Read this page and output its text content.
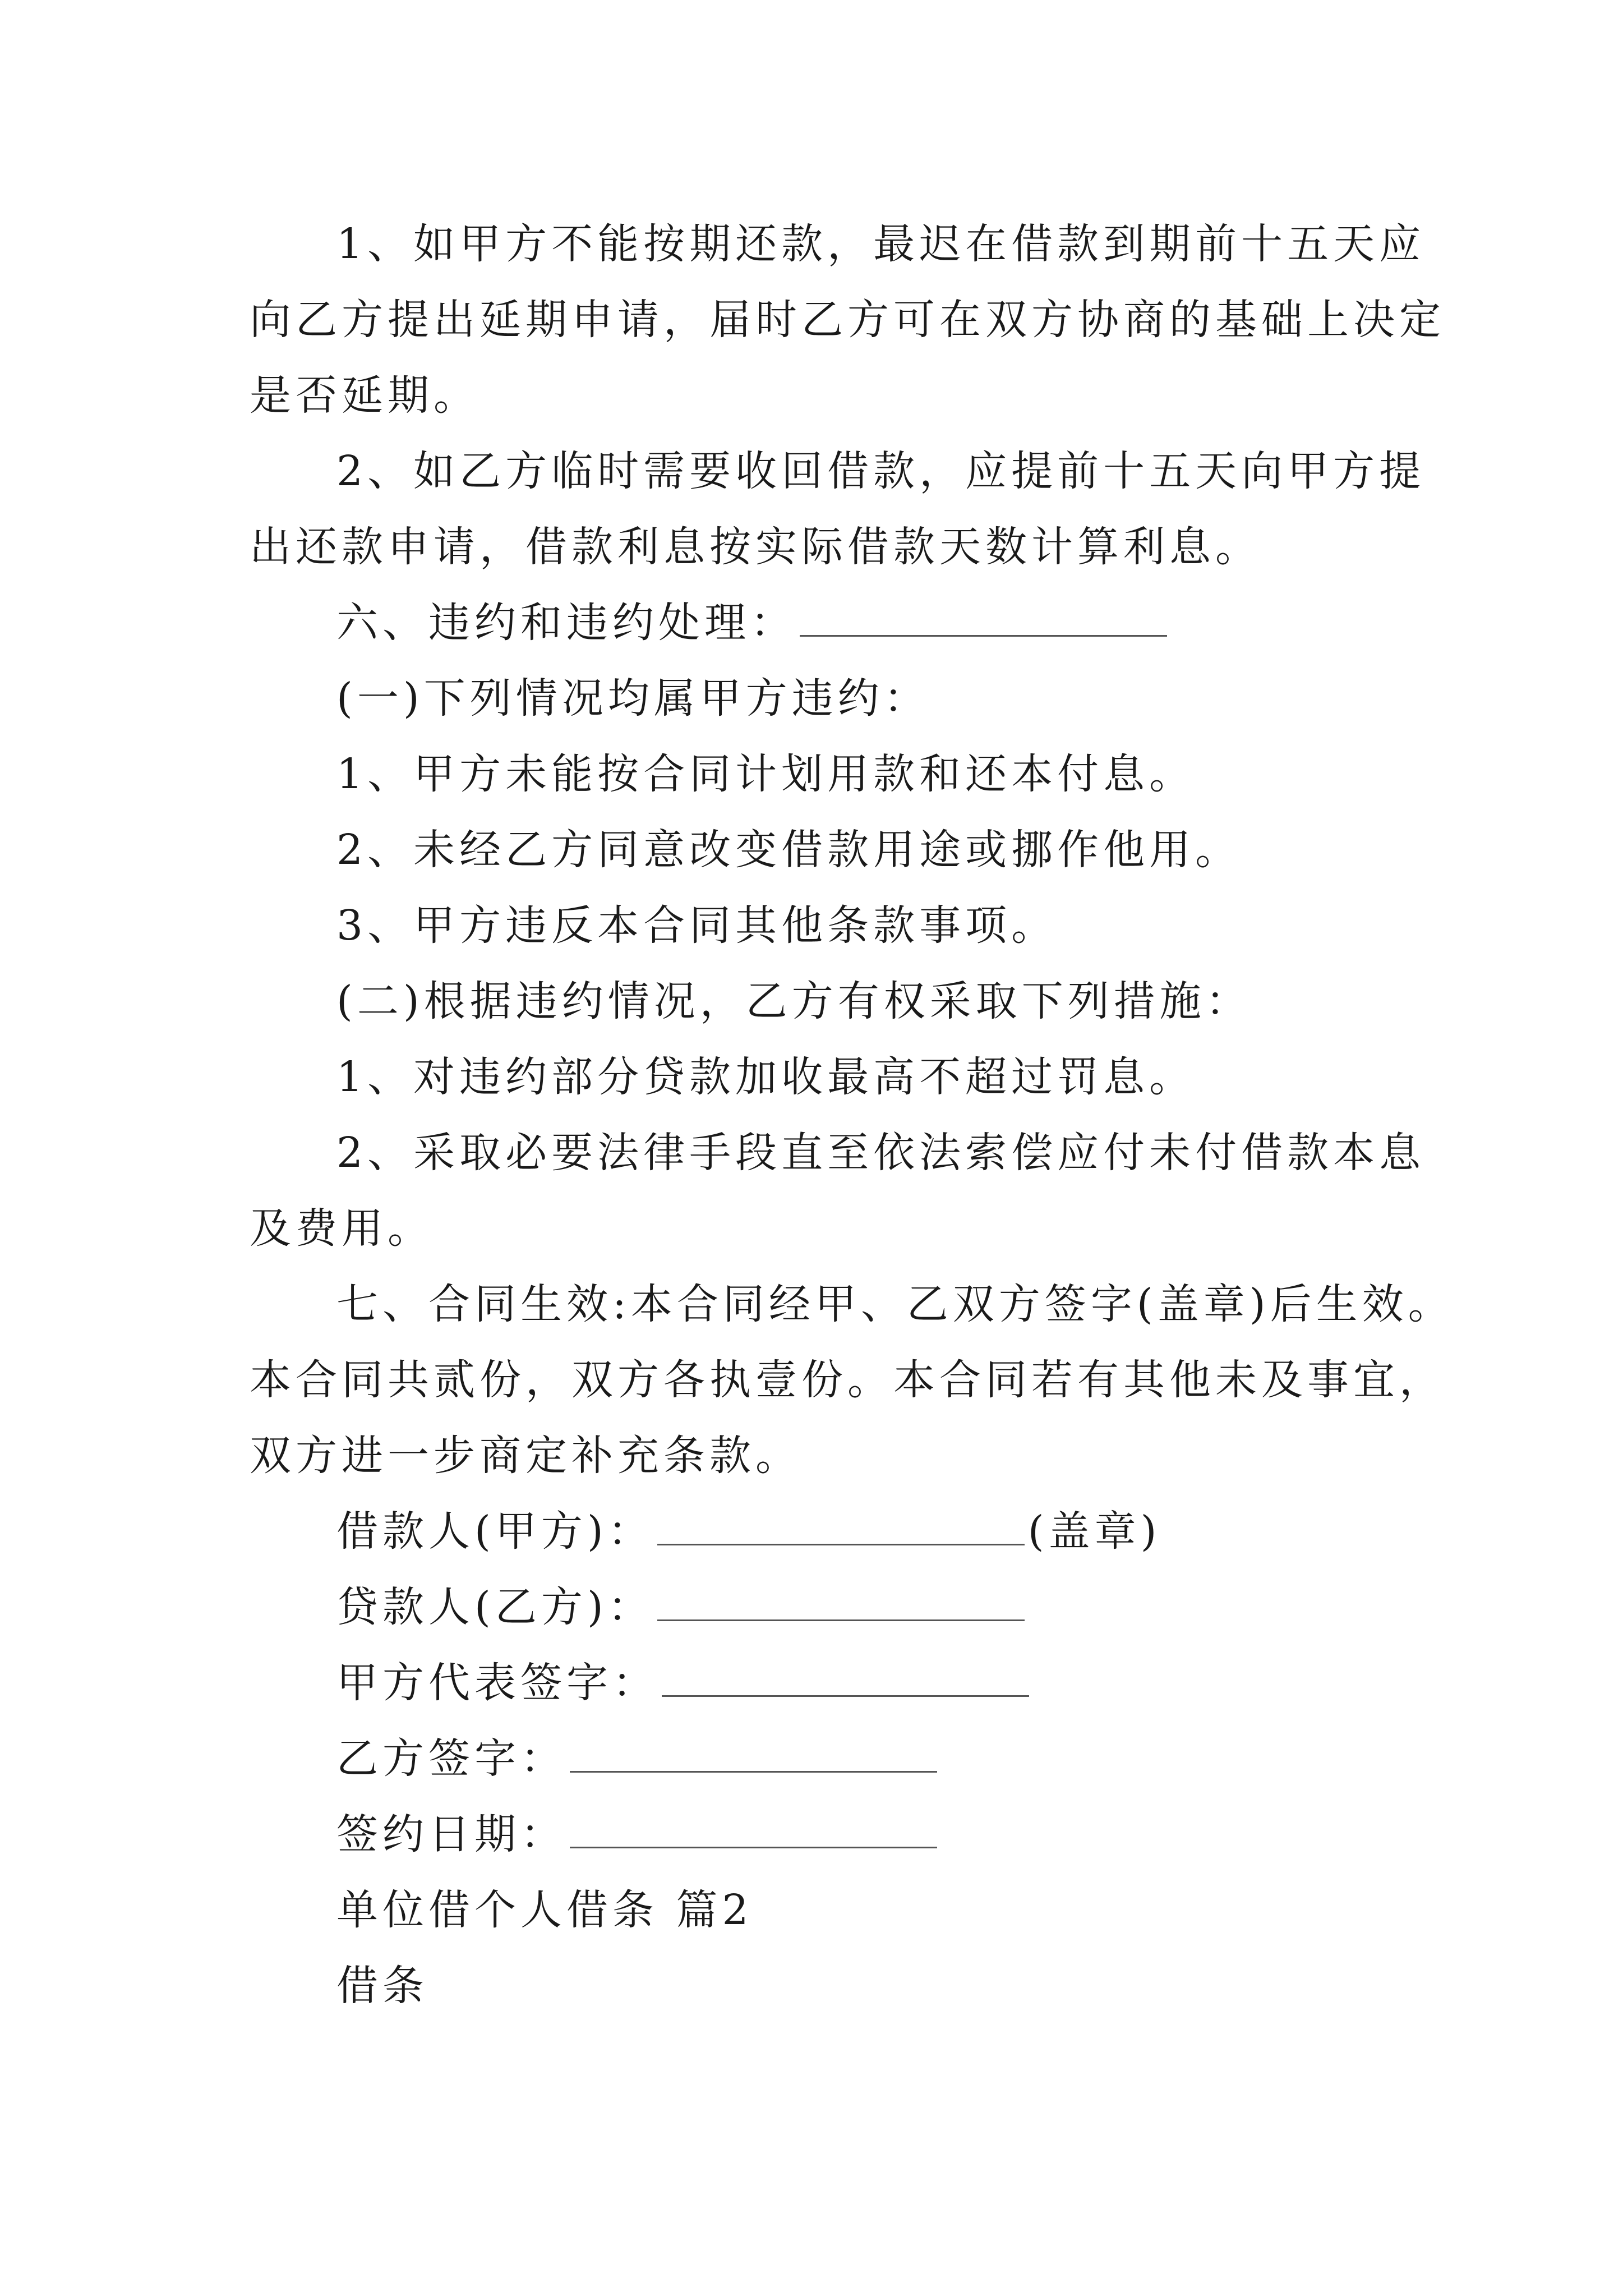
1、如甲方不能按期还款，最迟在借款到期前十五天应
向乙方提出延期申请，届时乙方可在双方协商的基础上决定
是否延期。
2、如乙方临时需要收回借款，应提前十五天向甲方提
出还款申请，借款利息按实际借款天数计算利息。
六、违约和违约处理：
(一)下列情况均属甲方违约：
1、甲方未能按合同计划用款和还本付息。
2、未经乙方同意改变借款用途或挪作他用。
3、甲方违反本合同其他条款事项。
(二)根据违约情况，乙方有权采取下列措施：
1、对违约部分贷款加收最高不超过罚息。
2、采取必要法律手段直至依法索偿应付未付借款本息
及费用。
七、合同生效:本合同经甲、乙双方签字(盖章)后生效。
本合同共贰份，双方各执壹份。本合同若有其他未及事宜，
双方进一步商定补充条款。
借款人(甲方)：	(盖章)
贷款人(乙方)：
甲方代表签字：
乙方签字：
签约日期：
单位借个人借条 篇2
借条
